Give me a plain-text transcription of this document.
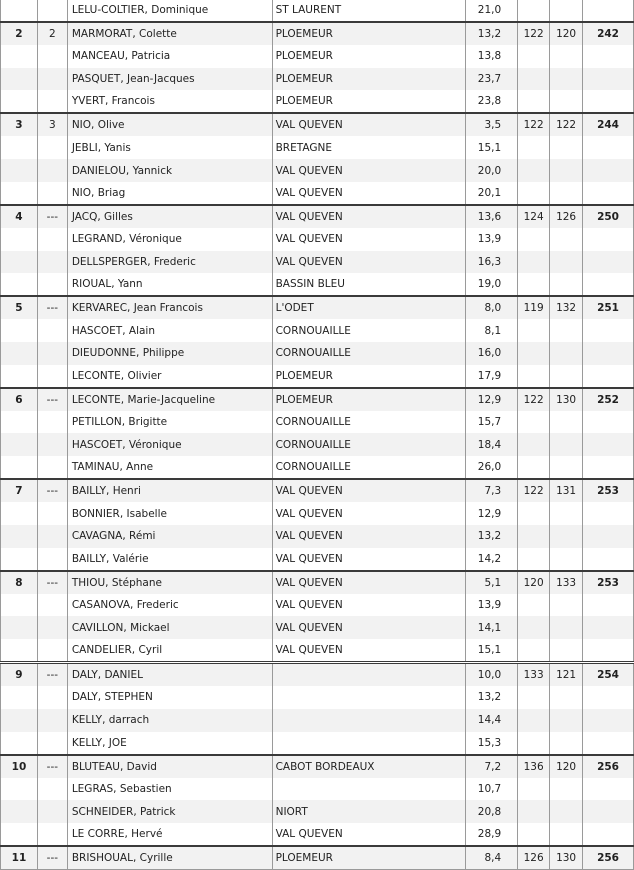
		LELU-COLTIER, Dominique	ST LAURENT	21,0			
2	2	MARMORAT, Colette	PLOEMEUR	13,2	122	120	242
		MANCEAU, Patricia	PLOEMEUR	13,8			
		PASQUET, Jean-Jacques	PLOEMEUR	23,7			
		YVERT, Francois	PLOEMEUR	23,8			
3	3	NIO, Olive	VAL QUEVEN	3,5	122	122	244
		JEBLI, Yanis	BRETAGNE	15,1			
		DANIELOU, Yannick	VAL QUEVEN	20,0			
		NIO, Briag	VAL QUEVEN	20,1			
4	---	JACQ, Gilles	VAL QUEVEN	13,6	124	126	250
		LEGRAND, Véronique	VAL QUEVEN	13,9			
		DELLSPERGER, Frederic	VAL QUEVEN	16,3			
		RIOUAL, Yann	BASSIN BLEU	19,0			
5	---	KERVAREC, Jean Francois	L'ODET	8,0	119	132	251
		HASCOET, Alain	CORNOUAILLE	8,1			
		DIEUDONNE, Philippe	CORNOUAILLE	16,0			
		LECONTE, Olivier	PLOEMEUR	17,9			
6	---	LECONTE, Marie-Jacqueline	PLOEMEUR	12,9	122	130	252
		PETILLON, Brigitte	CORNOUAILLE	15,7			
		HASCOET, Véronique	CORNOUAILLE	18,4			
		TAMINAU, Anne	CORNOUAILLE	26,0			
7	---	BAILLY, Henri	VAL QUEVEN	7,3	122	131	253
		BONNIER, Isabelle	VAL QUEVEN	12,9			
		CAVAGNA, Rémi	VAL QUEVEN	13,2			
		BAILLY, Valérie	VAL QUEVEN	14,2			
8	---	THIOU, Stéphane	VAL QUEVEN	5,1	120	133	253
		CASANOVA, Frederic	VAL QUEVEN	13,9			
		CAVILLON, Mickael	VAL QUEVEN	14,1			
		CANDELIER, Cyril	VAL QUEVEN	15,1			
9	---	DALY, DANIEL		10,0	133	121	254
		DALY, STEPHEN		13,2			
		KELLY, darrach		14,4			
		KELLY, JOE		15,3			
10	---	BLUTEAU, David	CABOT BORDEAUX	7,2	136	120	256
		LEGRAS, Sebastien		10,7			
		SCHNEIDER, Patrick	NIORT	20,8			
		LE CORRE, Hervé	VAL QUEVEN	28,9			
11	---	BRISHOUAL, Cyrille	PLOEMEUR	8,4	126	130	256
